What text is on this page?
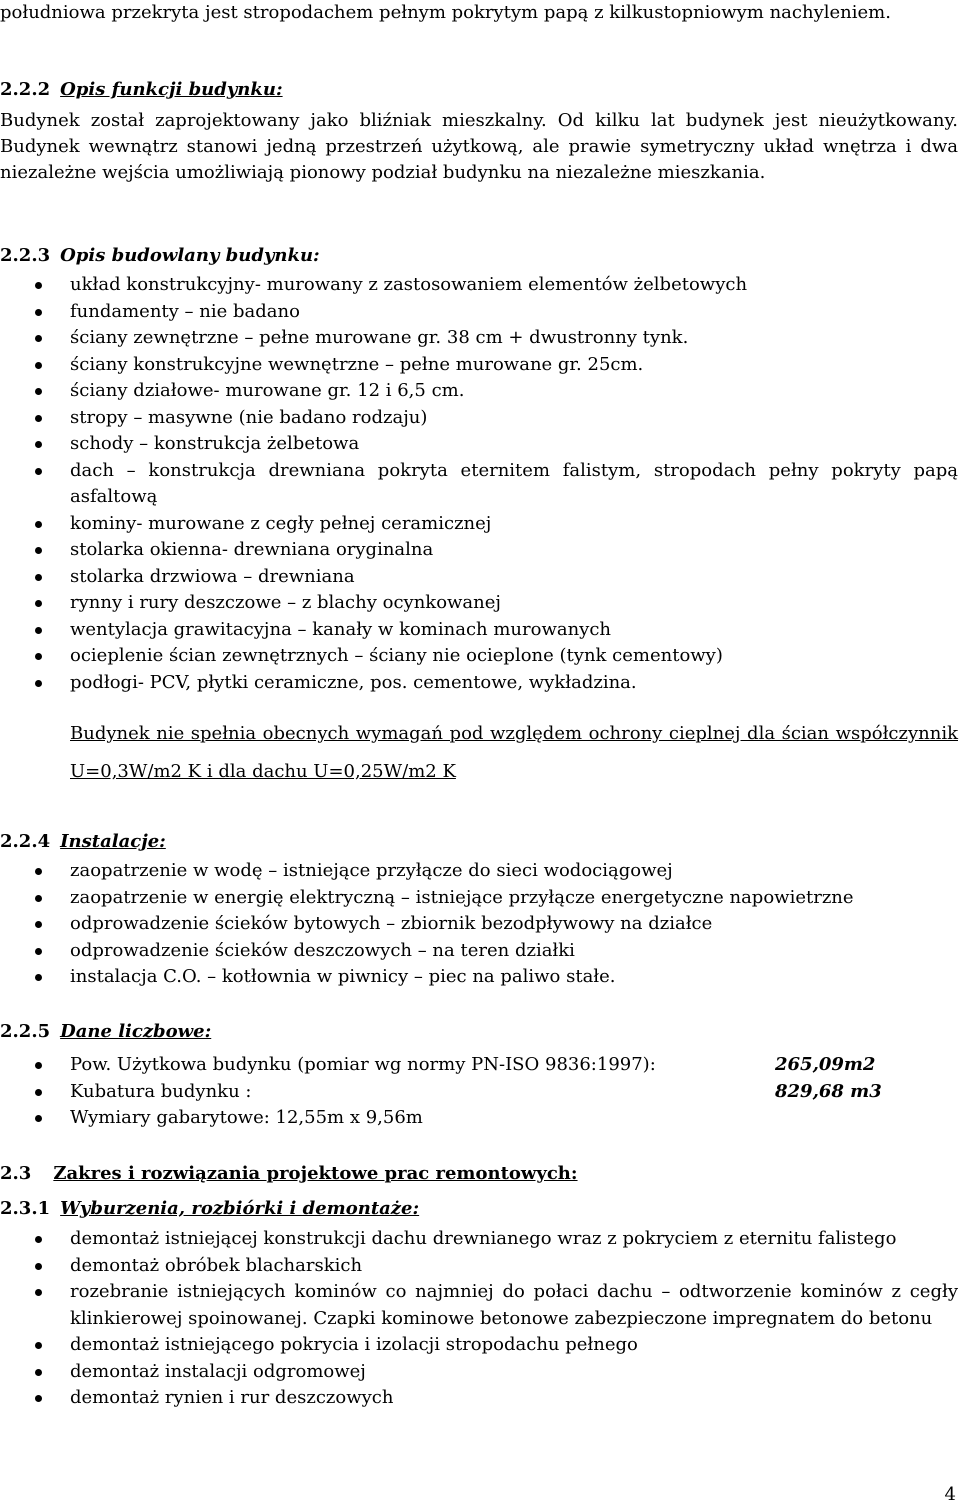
południowa przekryta jest stropodachem pełnym pokrytym papą z kilkustopniowym nachyleniem.

2.2.2 Opis funkcji budynku:

Budynek został zaprojektowany jako bliźniak mieszkalny. Od kilku lat budynek jest nieużytkowany. Budynek wewnątrz stanowi jedną przestrzeń użytkową, ale prawie symetryczny układ wnętrza i dwa niezależne wejścia umożliwiają pionowy podział budynku na niezależne mieszkania.

2.2.3 Opis budowlany budynku:
układ konstrukcyjny- murowany z zastosowaniem elementów żelbetowych
fundamenty – nie badano
ściany zewnętrzne – pełne murowane gr. 38 cm + dwustronny tynk.
ściany konstrukcyjne wewnętrzne – pełne murowane gr. 25cm.
ściany działowe- murowane gr. 12 i 6,5 cm.
stropy – masywne (nie badano rodzaju)
schody – konstrukcja żelbetowa
dach – konstrukcja drewniana pokryta eternitem falistym, stropodach pełny pokryty papą asfaltową
kominy- murowane z cegły pełnej ceramicznej
stolarka okienna- drewniana oryginalna
stolarka drzwiowa – drewniana
rynny i rury deszczowe – z blachy ocynkowanej
wentylacja grawitacyjna – kanały w kominach murowanych
ocieplenie ścian zewnętrznych – ściany nie ocieplone (tynk cementowy)
podłogi- PCV, płytki ceramiczne, pos. cementowe, wykładzina.

Budynek nie spełnia obecnych wymagań pod względem ochrony cieplnej dla ścian współczynnik U=0,3W/m2 K i dla dachu U=0,25W/m2 K

2.2.4 Instalacje:
zaopatrzenie w wodę – istniejące przyłącze do sieci wodociągowej
zaopatrzenie w energię elektryczną – istniejące przyłącze energetyczne napowietrzne
odprowadzenie ścieków bytowych – zbiornik bezodpływowy na działce
odprowadzenie ścieków deszczowych – na teren działki
instalacja C.O. – kotłownia w piwnicy – piec na paliwo stałe.
2.2.5 Dane liczbowe:
Pow. Użytkowa budynku (pomiar wg normy PN-ISO 9836:1997):	265,09m2
Kubatura budynku :	829,68 m3
Wymiary gabarytowe: 12,55m x 9,56m
2.3 Zakres i rozwiązania projektowe prac remontowych:
2.3.1 Wyburzenia, rozbiórki i demontaże:
demontaż istniejącej konstrukcji dachu drewnianego wraz z pokryciem z eternitu falistego
demontaż obróbek blacharskich
rozebranie istniejących kominów co najmniej do połaci dachu – odtworzenie kominów z cegły klinkierowej spoinowanej. Czapki kominowe betonowe zabezpieczone impregnatem do betonu
demontaż istniejącego pokrycia i izolacji stropodachu pełnego
demontaż instalacji odgromowej
demontaż rynien i rur deszczowych
4
